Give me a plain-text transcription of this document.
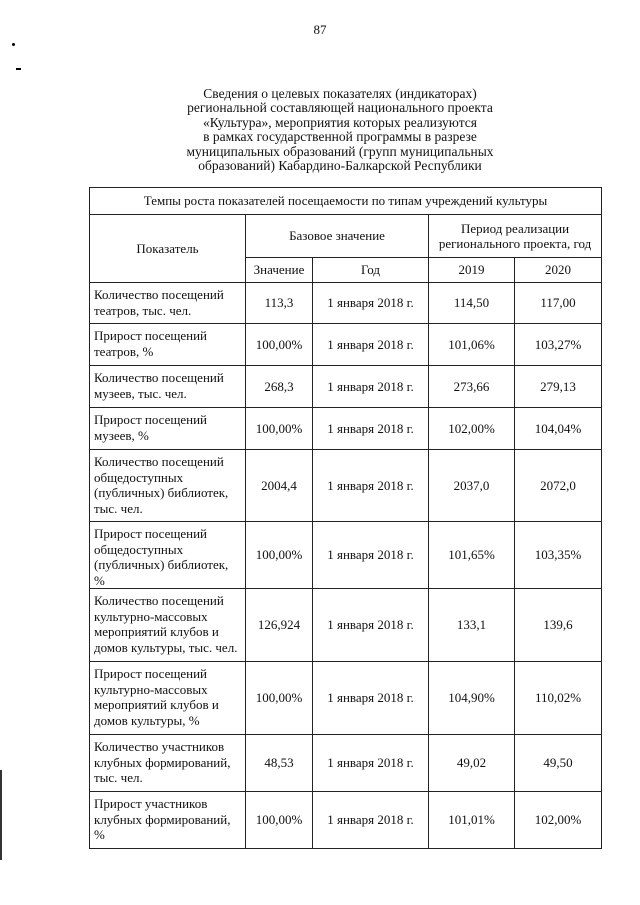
87
Сведения о целевых показателях (индикаторах)
региональной составляющей национального проекта
«Культура», мероприятия которых реализуются
в рамках государственной программы в разрезе
муниципальных образований (групп муниципальных
образований) Кабардино-Балкарской Республики
Темпы роста показателей посещаемости по типам учреждений культуры				
Показатель	Базовое значение		Период реализации регионального проекта, год	
	Значение	Год	2019	2020
Количество посещений театров, тыс. чел.	113,3	1 января 2018 г.	114,50	117,00
Прирост посещений театров, %	100,00%	1 января 2018 г.	101,06%	103,27%
Количество посещений музеев, тыс. чел.	268,3	1 января 2018 г.	273,66	279,13
Прирост посещений музеев, %	100,00%	1 января 2018 г.	102,00%	104,04%
Количество посещений общедоступных (публичных) библиотек, тыс. чел.	2004,4	1 января 2018 г.	2037,0	2072,0
Прирост посещений общедоступных (публичных) библиотек, %	100,00%	1 января 2018 г.	101,65%	103,35%
Количество посещений культурно-массовых мероприятий клубов и домов культуры, тыс. чел.	126,924	1 января 2018 г.	133,1	139,6
Прирост посещений культурно-массовых мероприятий клубов и домов культуры, %	100,00%	1 января 2018 г.	104,90%	110,02%
Количество участников клубных формирований, тыс. чел.	48,53	1 января 2018 г.	49,02	49,50
Прирост участников клубных формирований, %	100,00%	1 января 2018 г.	101,01%	102,00%
